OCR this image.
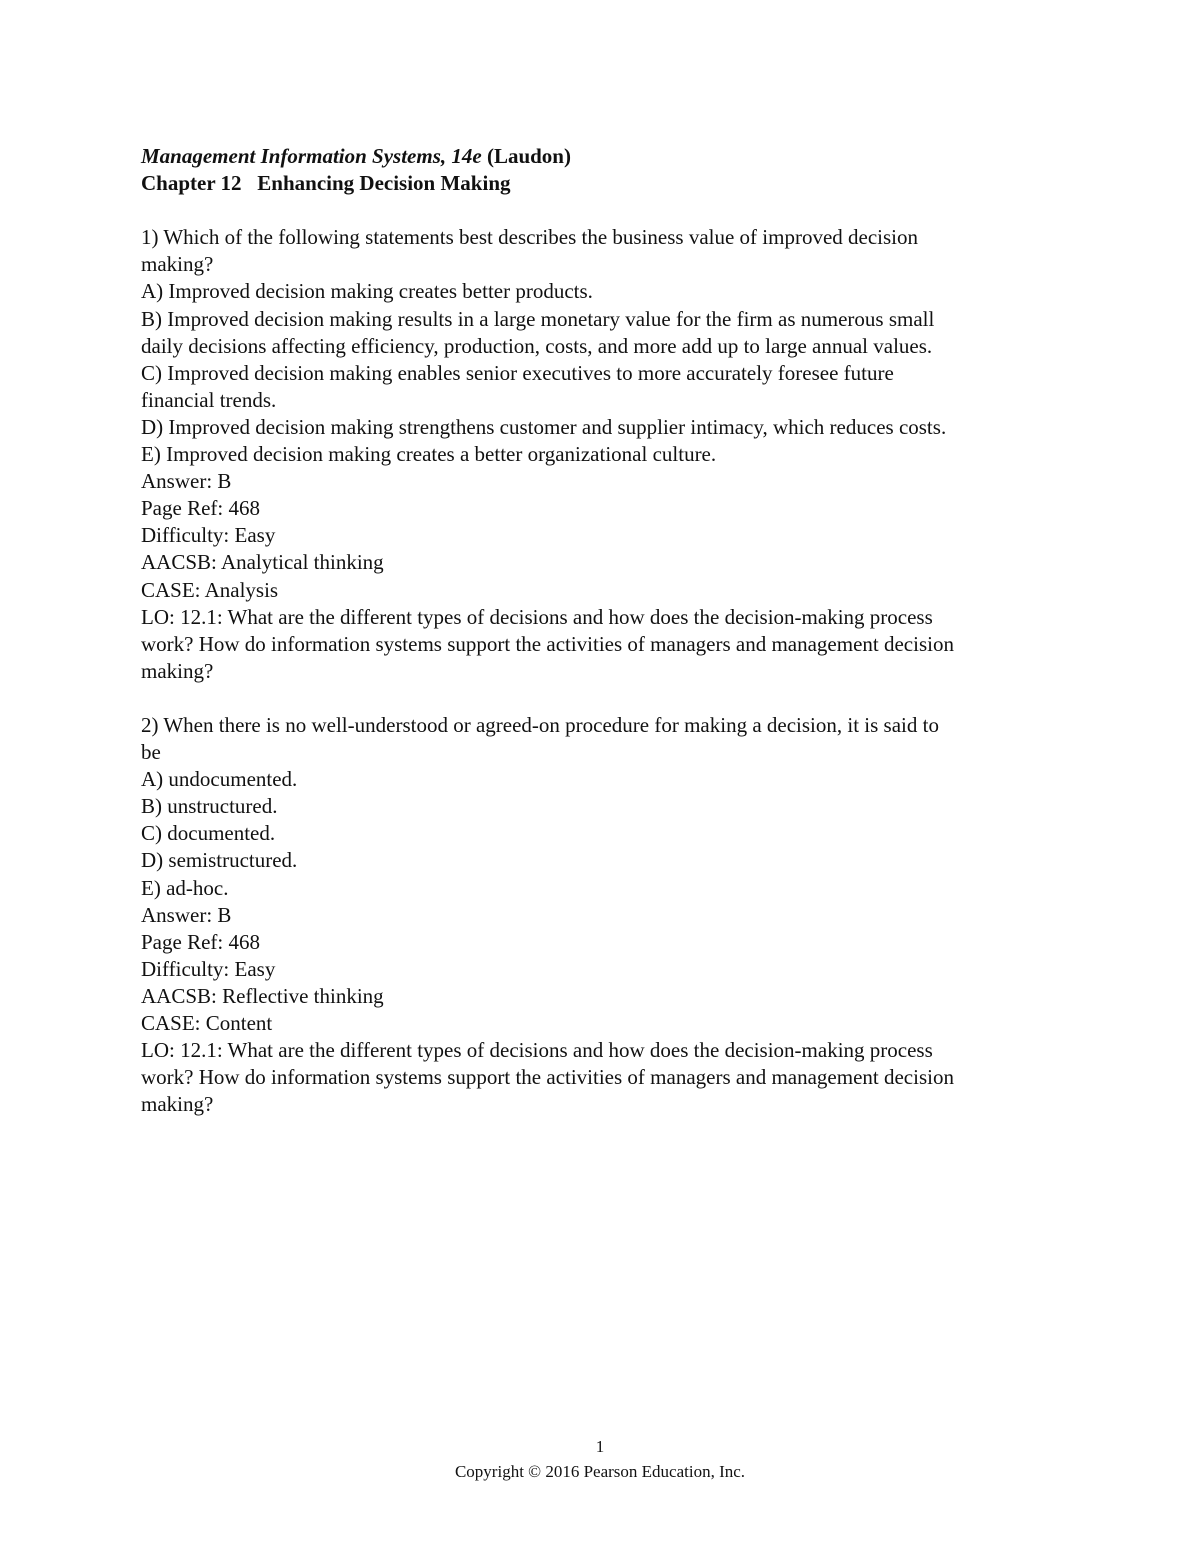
Management Information Systems, 14e (Laudon)
Chapter 12 Enhancing Decision Making
1) Which of the following statements best describes the business value of improved decision
making?
A) Improved decision making creates better products.
B) Improved decision making results in a large monetary value for the firm as numerous small
daily decisions affecting efficiency, production, costs, and more add up to large annual values.
C) Improved decision making enables senior executives to more accurately foresee future
financial trends.
D) Improved decision making strengthens customer and supplier intimacy, which reduces costs.
E) Improved decision making creates a better organizational culture.
Answer: B
Page Ref: 468
Difficulty: Easy
AACSB: Analytical thinking
CASE: Analysis
LO: 12.1: What are the different types of decisions and how does the decision-making process
work? How do information systems support the activities of managers and management decision
making?
2) When there is no well-understood or agreed-on procedure for making a decision, it is said to
be
A) undocumented.
B) unstructured.
C) documented.
D) semistructured.
E) ad-hoc.
Answer: B
Page Ref: 468
Difficulty: Easy
AACSB: Reflective thinking
CASE: Content
LO: 12.1: What are the different types of decisions and how does the decision-making process
work? How do information systems support the activities of managers and management decision
making?
1
Copyright © 2016 Pearson Education, Inc.
